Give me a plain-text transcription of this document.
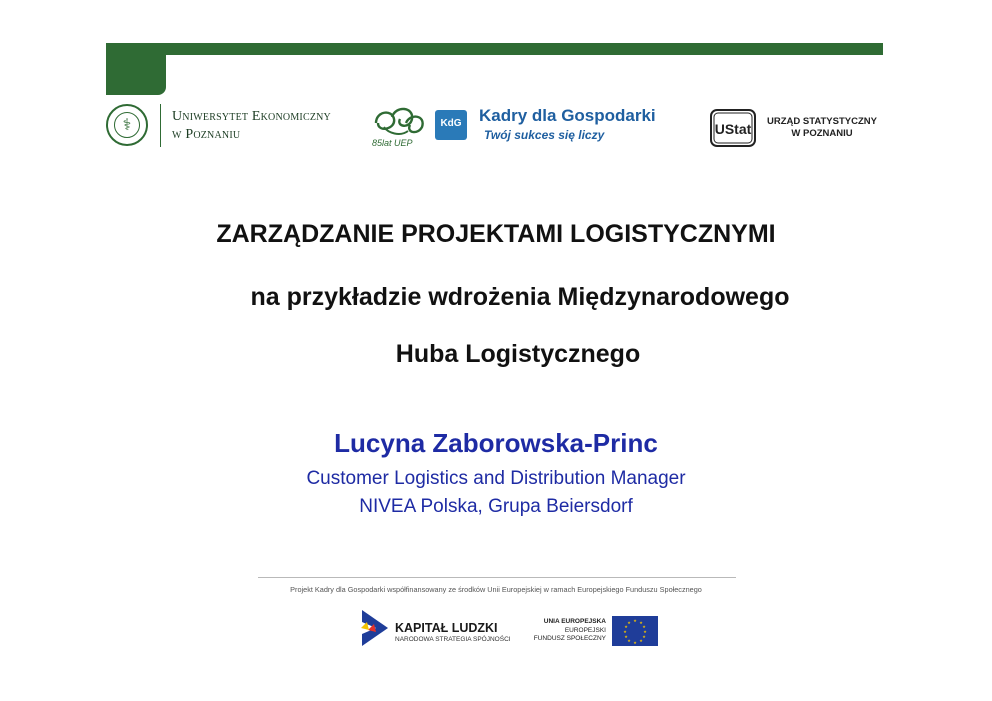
⚕	Uniwersytet Ekonomiczny
w Poznaniu
85lat UEP
KdG Kadry dla Gospodarki
Twój sukces się liczy	UStat	URZĄD STATYSTYCZNY
W POZNANIU
ZARZĄDZANIE PROJEKTAMI LOGISTYCZNYMI
na przykładzie wdrożenia Międzynarodowego
Huba Logistycznego
Lucyna Zaborowska-Princ
Customer Logistics and Distribution Manager
NIVEA Polska, Grupa Beiersdorf
Projekt Kadry dla Gospodarki współfinansowany ze środków Unii Europejskiej w ramach Europejskiego Funduszu Społecznego
KAPITAŁ LUDZKI
NARODOWA STRATEGIA SPÓJNOŚCI
UNIA EUROPEJSKA
EUROPEJSKI
FUNDUSZ SPOŁECZNY
★ ★
★
★
★
★
★
★
★
★
★
★
